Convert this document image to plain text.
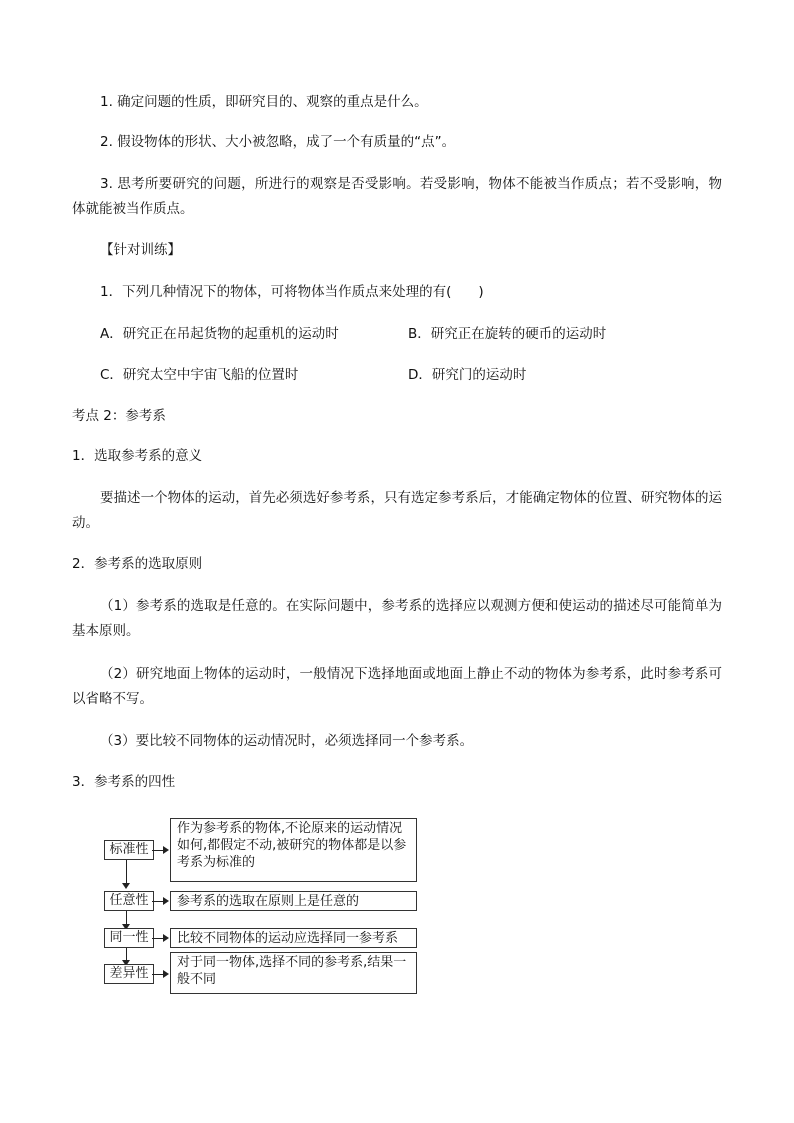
1. 确定问题的性质，即研究目的、观察的重点是什么。
2. 假设物体的形状、大小被忽略，成了一个有质量的“点”。
3. 思考所要研究的问题，所进行的观察是否受影响。若受影响，物体不能被当作质点；若不受影响，物体就能被当作质点。
【针对训练】
1．下列几种情况下的物体，可将物体当作质点来处理的有(　　)
A．研究正在吊起货物的起重机的运动时	B．研究正在旋转的硬币的运动时
C．研究太空中宇宙飞船的位置时	D．研究门的运动时
考点 2：参考系
1．选取参考系的意义
要描述一个物体的运动，首先必须选好参考系，只有选定参考系后，才能确定物体的位置、研究物体的运动。
2．参考系的选取原则
（1）参考系的选取是任意的。在实际问题中，参考系的选择应以观测方便和使运动的描述尽可能简单为基本原则。
（2）研究地面上物体的运动时，一般情况下选择地面或地面上静止不动的物体为参考系，此时参考系可以省略不写。
（3）要比较不同物体的运动情况时，必须选择同一个参考系。
3．参考系的四性
标准性
作为参考系的物体,不论原来的运动情况如何,都假定不动,被研究的物体都是以参考系为标准的
任意性	参考系的选取在原则上是任意的
同一性	比较不同物体的运动应选择同一参考系
差异性
对于同一物体,选择不同的参考系,结果一般不同
